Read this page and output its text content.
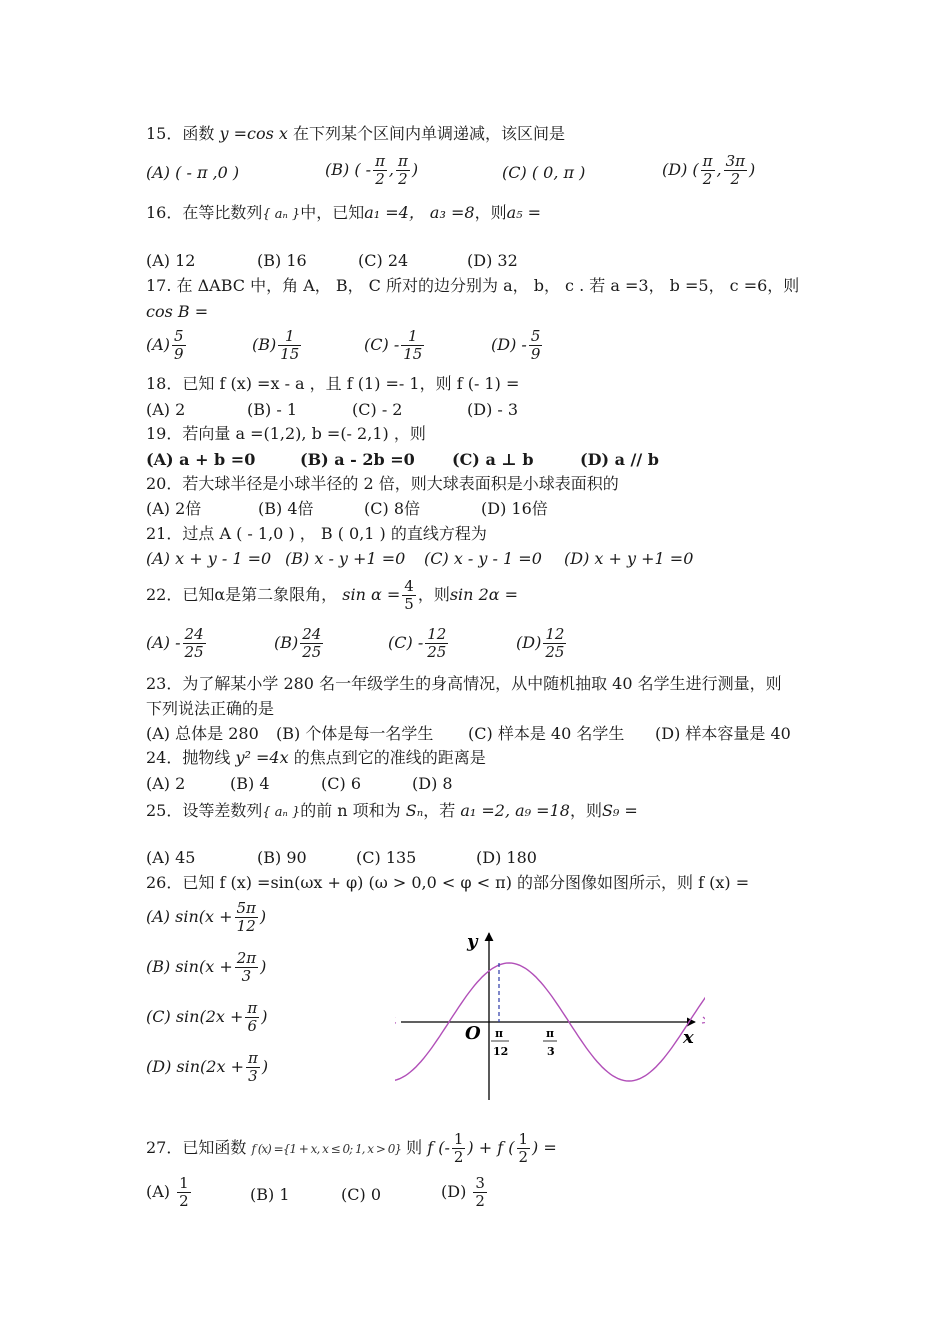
15．函数 y =cos x 在下列某个区间内单调递减，该区间是
(A) ( - π ,0 )	(B) ( - $\frac{\pi}{2}$ , $\frac{\pi}{2}$ )	(C) ( 0, π )	(D) ( $\frac{\pi}{2}$ , $\frac{3\pi}{2}$ )
16．在等比数列{ aₙ }中，已知a₁ =4， a₃ =8，则a₅ =
(A) 12	(B) 16	(C) 24	(D) 32
17. 在 ΔABC 中，角 A， B， C 所对的边分别为 a， b， c . 若 a =3， b =5， c =6，则
cos B =
$(A) \frac{5}{9}$	$(B) \frac{1}{15}$	$(C) - \frac{1}{15}$	$(D) - \frac{5}{9}$
18．已知 f (x) =x - a ，且 f (1) =- 1，则 f (- 1) =
(A) 2	(B) - 1	(C) - 2	(D) - 3
19．若向量 a =(1,2), b =(- 2,1) ，则
(A) a + b =0	(B) a - 2b =0 (C) a ⊥ b	(D) a // b
20．若大球半径是小球半径的 2 倍，则大球表面积是小球表面积的
(A) 2倍	(B) 4倍	(C) 8倍	(D) 16倍
21．过点 A ( - 1,0 ) ， B ( 0,1 ) 的直线方程为
(A) x + y - 1 =0 (B) x - y +1 =0 (C) x - y - 1 =0 (D) x + y +1 =0
22．已知α是第二象限角， $\sin \alpha = \frac{4}{5}$ ，则sin 2α =
$(A) - \frac{24}{25}$	$(B) \frac{24}{25}$	$(C) - \frac{12}{25}$	$(D) \frac{12}{25}$
23．为了解某小学 280 名一年级学生的身高情况，从中随机抽取 40 名学生进行测量，则
下列说法正确的是
(A) 总体是 280 (B) 个体是每一名学生 (C) 样本是 40 名学生 (D) 样本容量是 40
24．抛物线 y² =4x 的焦点到它的准线的距离是
(A) 2	(B) 4	(C) 6	(D) 8
25．设等差数列{ aₙ }的前 n 项和为 Sₙ，若 a₁ =2, a₉ =18，则S₉ =
(A) 45	(B) 90	(C) 135	(D) 180
26．已知 f (x) =sin(ωx + φ) (ω > 0,0 < φ < π) 的部分图像如图所示，则 f (x) =
(A) $\sin(x + \frac{5\pi}{12}$ )
(B) $\sin(x + \frac{2\pi}{3}$ )
(C) $\sin(2x + \frac{\pi}{6}$ )
(D) $\sin(2x + \frac{\pi}{3}$ )
y
x
O π
12
π
3
27．已知函数 f (x) ={1 + x, x ≤ 0; 1, x > 0} 则 f (- $\frac{1}{2}$ ) + f ( $\frac{1}{2}$ ) =
$(A) \frac{1}{2}$	(B) 1	(C) 0	$(D) \frac{3}{2}$
